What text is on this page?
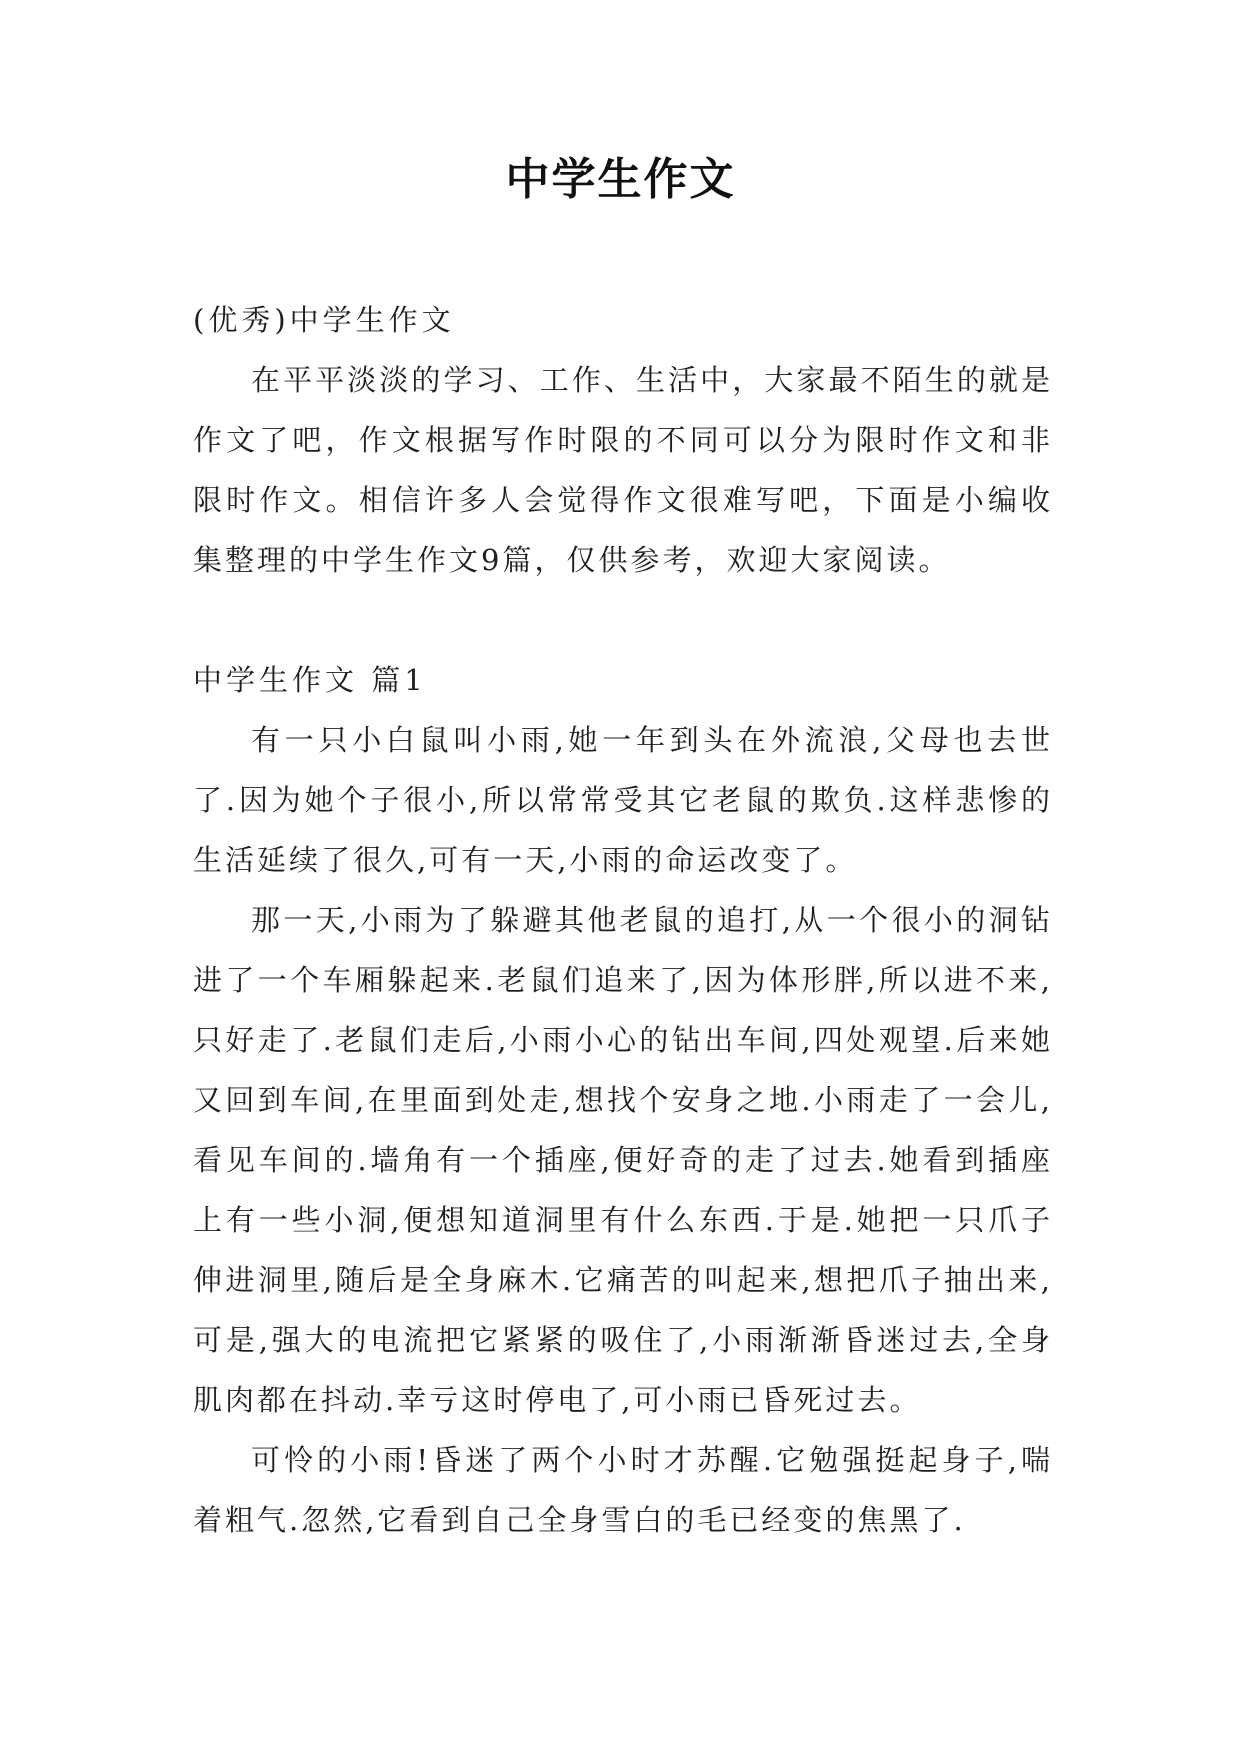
中学生作文

(优秀)中学生作文

在平平淡淡的学习、工作、生活中，大家最不陌生的就是作文了吧，作文根据写作时限的不同可以分为限时作文和非限时作文。相信许多人会觉得作文很难写吧，下面是小编收集整理的中学生作文9篇，仅供参考，欢迎大家阅读。

中学生作文 篇1

有一只小白鼠叫小雨,她一年到头在外流浪,父母也去世了.因为她个子很小,所以常常受其它老鼠的欺负.这样悲惨的生活延续了很久,可有一天,小雨的命运改变了。

那一天,小雨为了躲避其他老鼠的追打,从一个很小的洞钻进了一个车厢躲起来.老鼠们追来了,因为体形胖,所以进不来,只好走了.老鼠们走后,小雨小心的钻出车间,四处观望.后来她又回到车间,在里面到处走,想找个安身之地.小雨走了一会儿,看见车间的.墙角有一个插座,便好奇的走了过去.她看到插座上有一些小洞,便想知道洞里有什么东西.于是.她把一只爪子伸进洞里,随后是全身麻木.它痛苦的叫起来,想把爪子抽出来,可是,强大的电流把它紧紧的吸住了,小雨渐渐昏迷过去,全身肌肉都在抖动.幸亏这时停电了,可小雨已昏死过去。

可怜的小雨!昏迷了两个小时才苏醒.它勉强挺起身子,喘着粗气.忽然,它看到自己全身雪白的毛已经变的焦黑了.
